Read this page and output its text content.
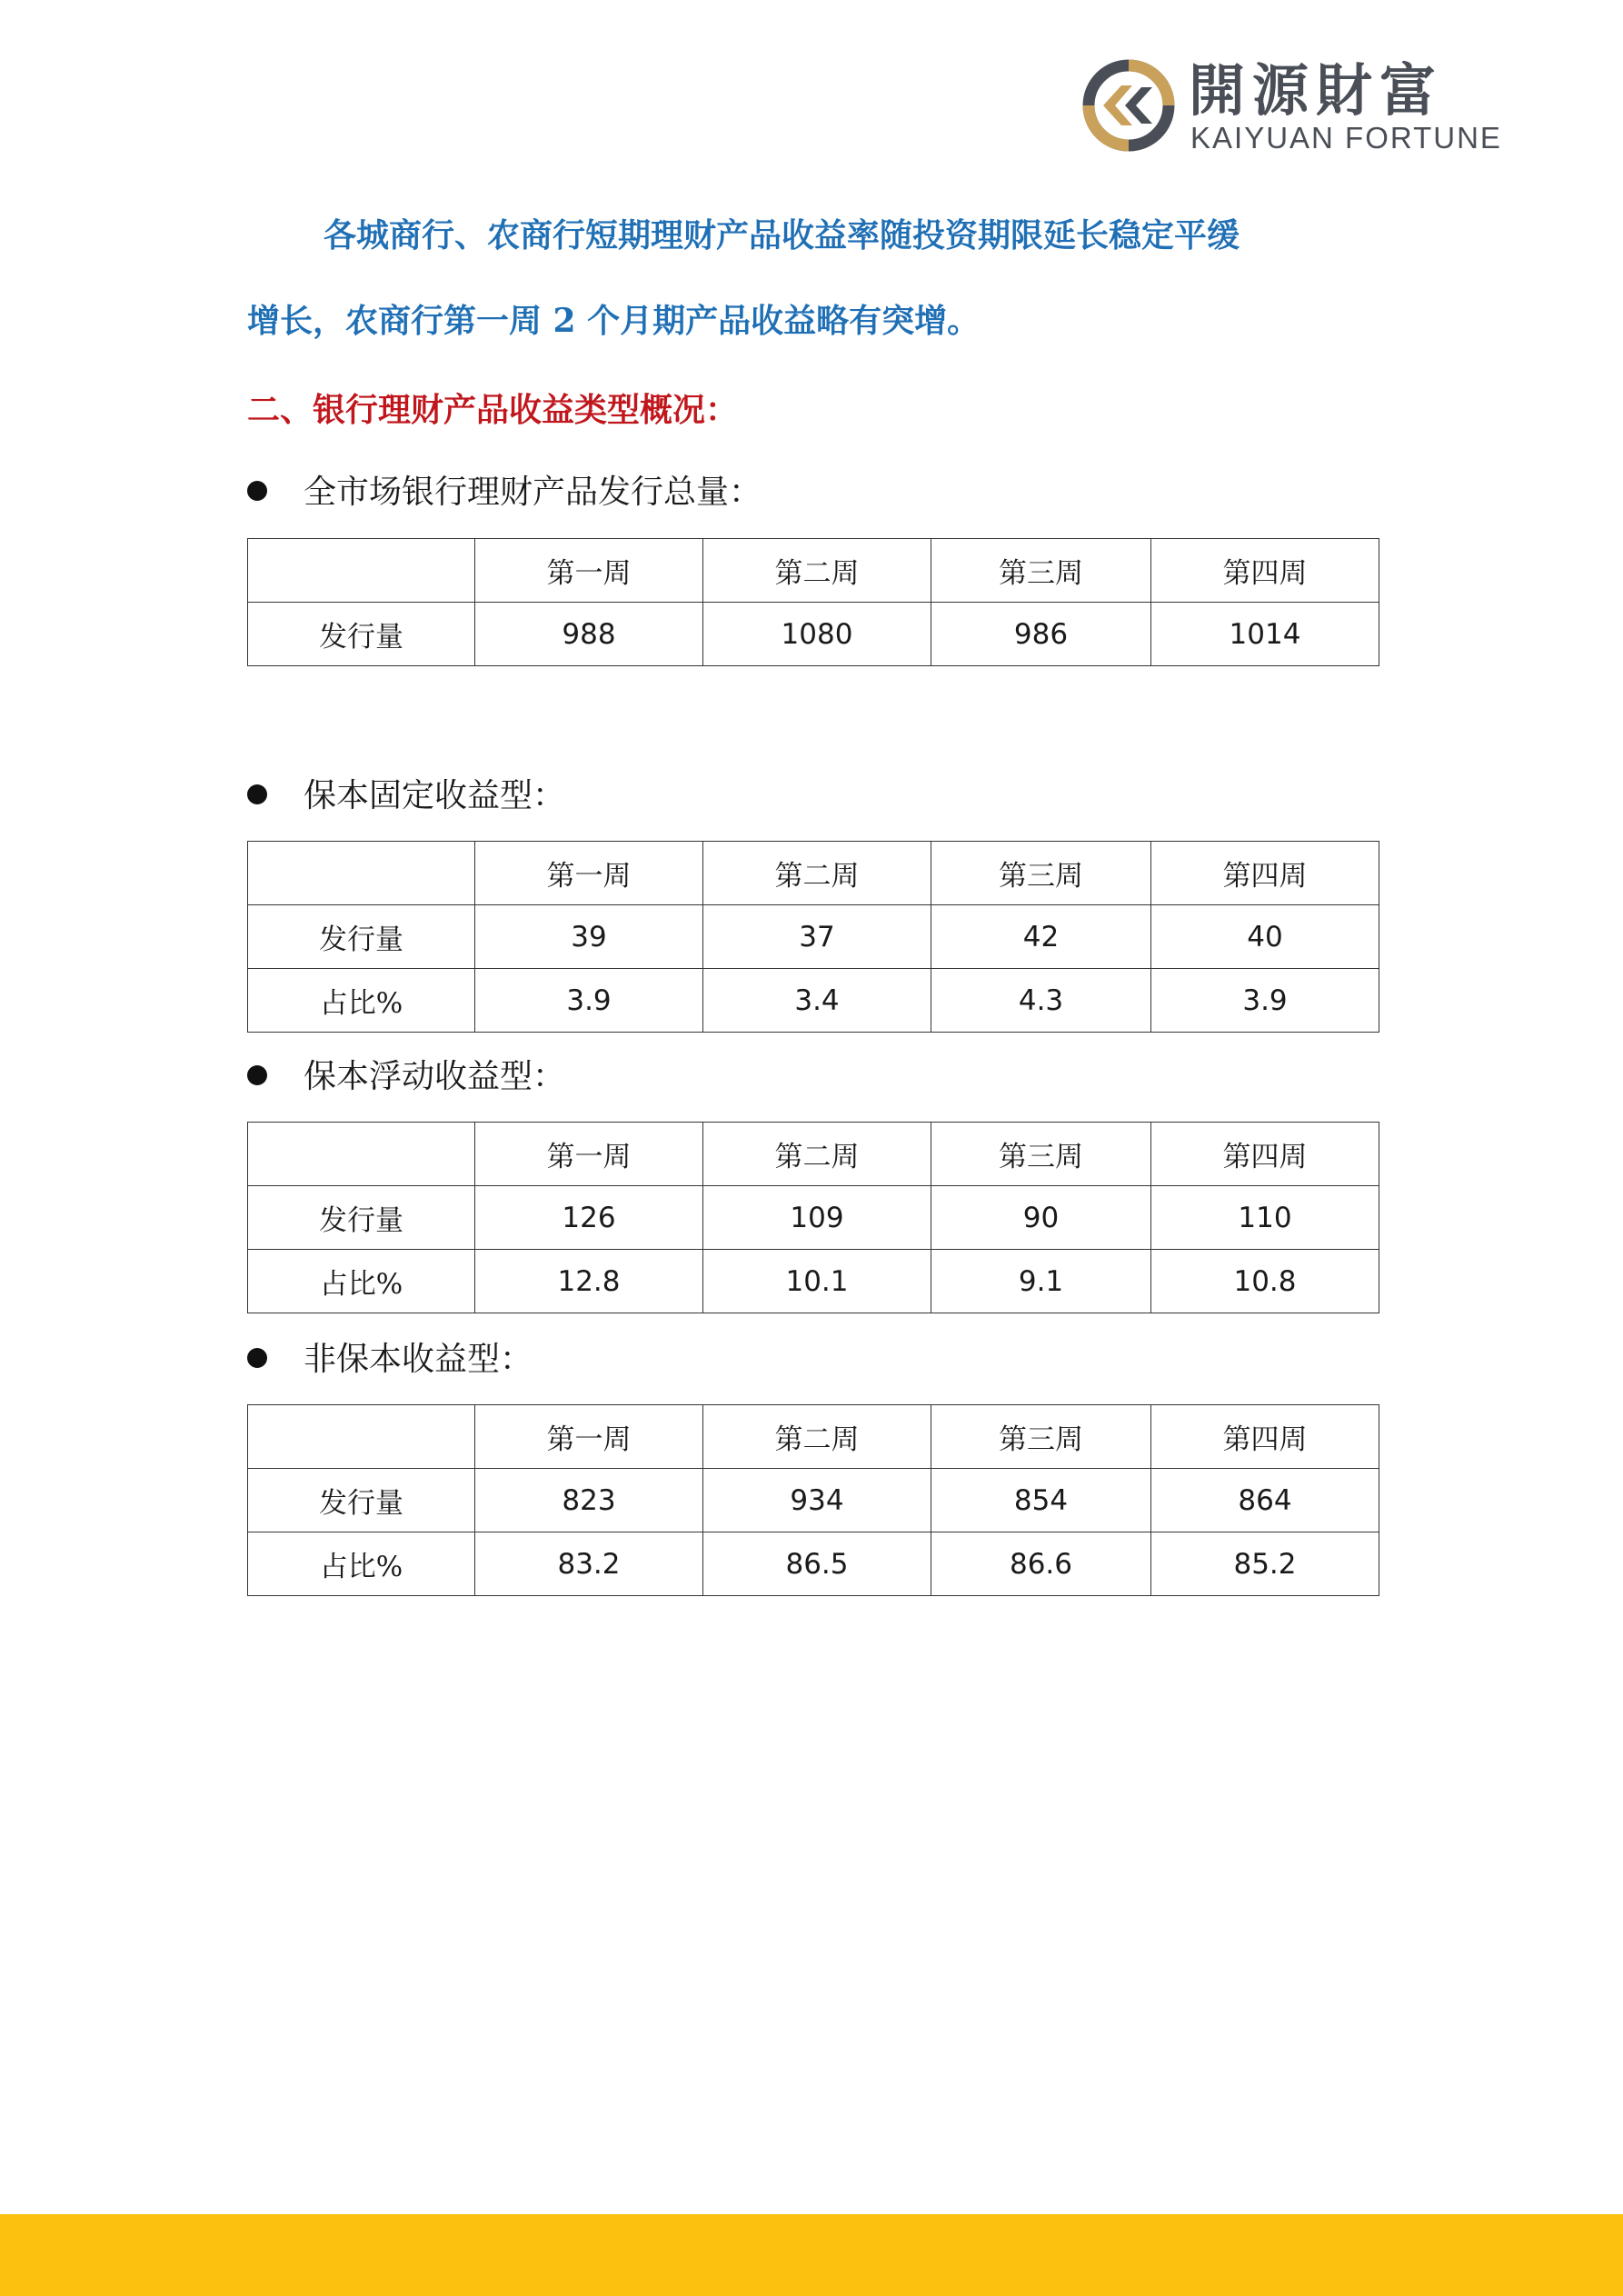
開源財富
KAIYUAN FORTUNE

各城商行、农商行短期理财产品收益率随投资期限延长稳定平缓

增长，农商行第一周 2 个月期产品收益略有突增。

二、银行理财产品收益类型概况：

全市场银行理财产品发行总量：
	第一周	第二周	第三周	第四周
发行量	988	1080	986	1014
保本固定收益型：
	第一周	第二周	第三周	第四周
发行量	39	37	42	40
占比%	3.9	3.4	4.3	3.9
保本浮动收益型：
	第一周	第二周	第三周	第四周
发行量	126	109	90	110
占比%	12.8	10.1	9.1	10.8
非保本收益型：
	第一周	第二周	第三周	第四周
发行量	823	934	854	864
占比%	83.2	86.5	86.6	85.2
